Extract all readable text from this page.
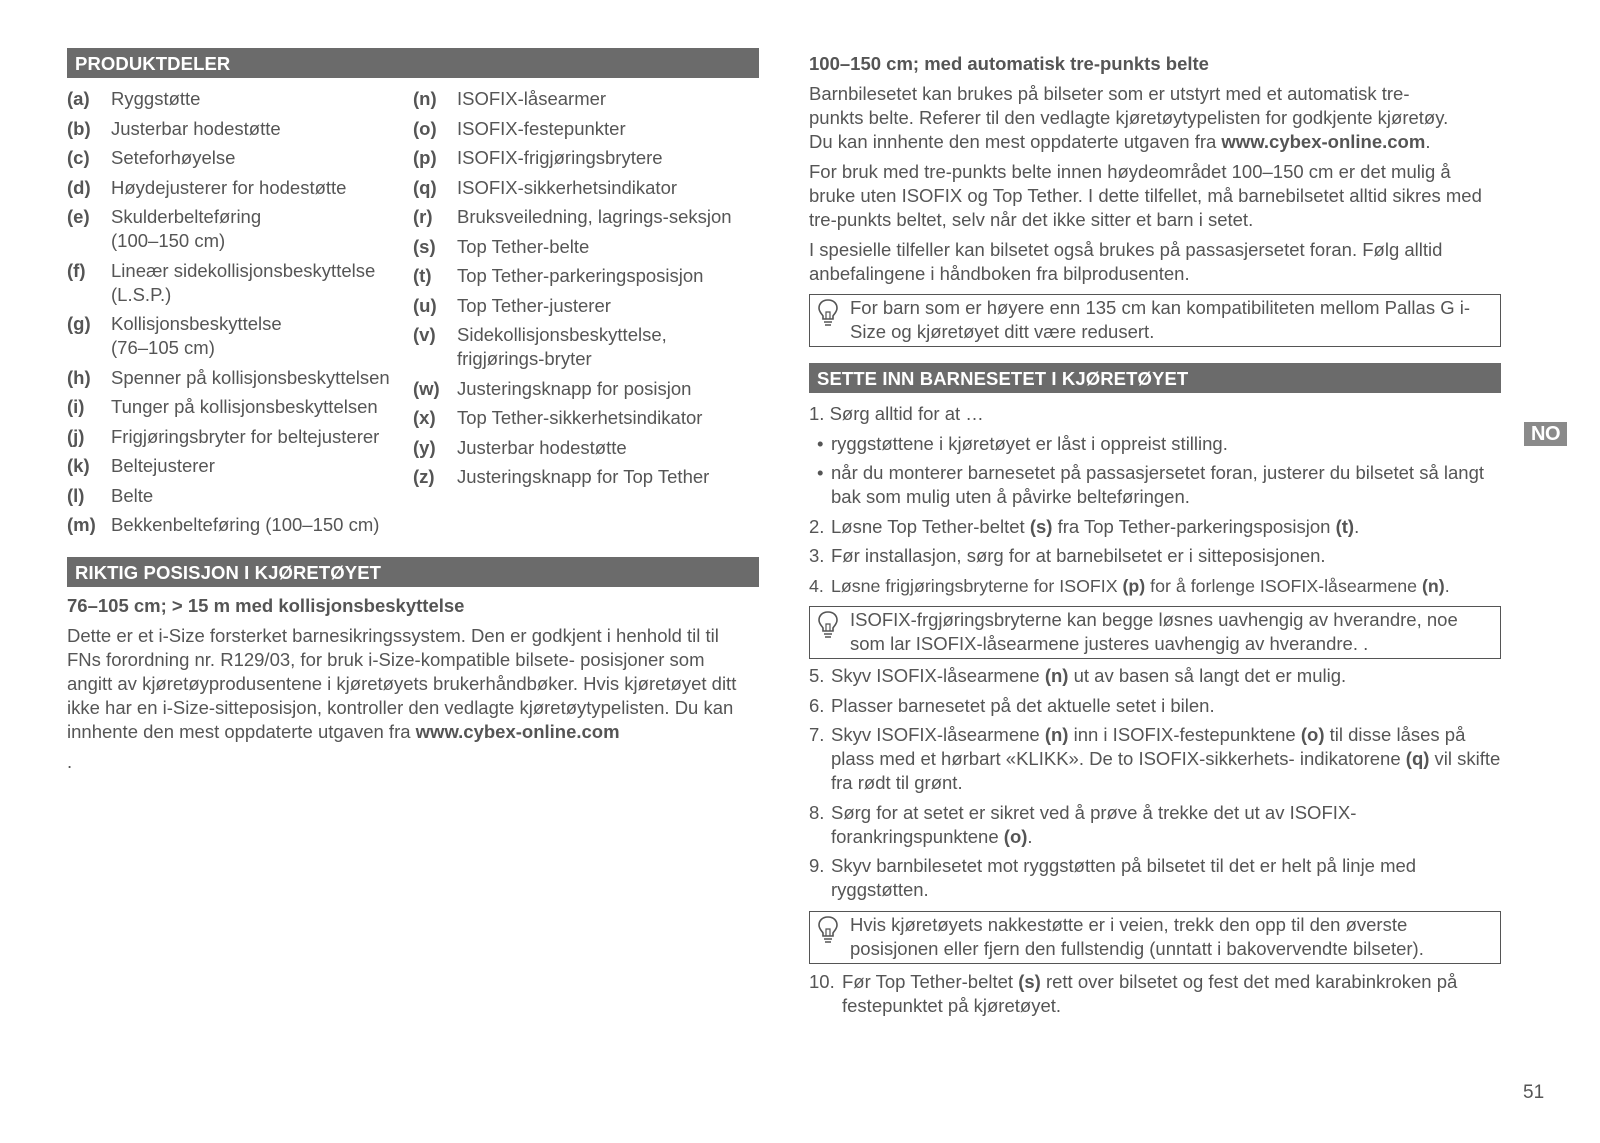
PRODUKTDELER
(a) Ryggstøtte
(b) Justerbar hodestøtte
(c) Seteforhøyelse
(d) Høydejusterer for hodestøtte
(e) Skulderbelteføring (100–150 cm)
(f) Lineær sidekollisjonsbeskyttelse (L.S.P.)
(g) Kollisjonsbeskyttelse (76–105 cm)
(h) Spenner på kollisjonsbeskyttelsen
(i) Tunger på kollisjonsbeskyttelsen
(j) Frigjøringsbryter for beltejusterer
(k) Beltejusterer
(l) Belte
(m) Bekkenbelteføring (100–150 cm)
(n) ISOFIX-låsearmer
(o) ISOFIX-festepunkter
(p) ISOFIX-frigjøringsbrytere
(q) ISOFIX-sikkerhetsindikator
(r) Bruksveiledning, lagrings-seksjon
(s) Top Tether-belte
(t) Top Tether-parkeringsposisjon
(u) Top Tether-justerer
(v) Sidekollisjonsbeskyttelse, frigjørings-bryter
(w) Justeringsknapp for posisjon
(x) Top Tether-sikkerhetsindikator
(y) Justerbar hodestøtte
(z) Justeringsknapp for Top Tether
RIKTIG POSISJON I KJØRETØYET

76–105 cm; > 15 m med kollisjonsbeskyttelse

Dette er et i-Size forsterket barnesikringssystem. Den er godkjent i henhold til til FNs forordning nr. R129/03, for bruk i-Size-kompatible bilsete- posisjoner som angitt av kjøretøyprodusentene i kjøretøyets brukerhåndbøker. Hvis kjøretøyet ditt ikke har en i-Size-sitteposisjon, kontroller den vedlagte kjøretøytypelisten. Du kan innhente den mest oppdaterte utgaven fra www.cybex-online.com

.

100–150 cm; med automatisk tre-punkts belte

Barnbilesetet kan brukes på bilseter som er utstyrt med et automatisk tre-punkts belte. Referer til den vedlagte kjøretøytypelisten for godkjente kjøretøy. Du kan innhente den mest oppdaterte utgaven fra www.cybex-online.com.

For bruk med tre-punkts belte innen høydeområdet 100–150 cm er det mulig å bruke uten ISOFIX og Top Tether. I dette tilfellet, må barnebilsetet alltid sikres med tre-punkts beltet, selv når det ikke sitter et barn i setet.

I spesielle tilfeller kan bilsetet også brukes på passasjersetet foran. Følg alltid anbefalingene i håndboken fra bilprodusenten.

For barn som er høyere enn 135 cm kan kompatibiliteten mellom Pallas G i-Size og kjøretøyet ditt være redusert.
SETTE INN BARNESETET I KJØRETØYET

1. Sørg alltid for at …

• ryggstøttene i kjøretøyet er låst i oppreist stilling.
• når du monterer barnesetet på passasjersetet foran, justerer du bilsetet så langt bak som mulig uten å påvirke belteføringen.
2. Løsne Top Tether-beltet (s) fra Top Tether-parkeringsposisjon (t).
3. Før installasjon, sørg for at barnebilsetet er i sitteposisjonen.
4. Løsne frigjøringsbryterne for ISOFIX (p) for å forlenge ISOFIX-låsearmene (n).
ISOFIX-frgjøringsbryterne kan begge løsnes uavhengig av hverandre, noe som lar ISOFIX-låsearmene justeres uavhengig av hverandre. .
5. Skyv ISOFIX-låsearmene (n) ut av basen så langt det er mulig.
6. Plasser barnesetet på det aktuelle setet i bilen.
7. Skyv ISOFIX-låsearmene (n) inn i ISOFIX-festepunktene (o) til disse låses på plass med et hørbart «KLIKK». De to ISOFIX-sikkerhets- indikatorene (q) vil skifte fra rødt til grønt.
8. Sørg for at setet er sikret ved å prøve å trekke det ut av ISOFIX-forankringspunktene (o).
9. Skyv barnbilesetet mot ryggstøtten på bilsetet til det er helt på linje med ryggstøtten.
Hvis kjøretøyets nakkestøtte er i veien, trekk den opp til den øverste posisjonen eller fjern den fullstendig (unntatt i bakovervendte bilseter).
10. Før Top Tether-beltet (s) rett over bilsetet og fest det med karabinkroken på festepunktet på kjøretøyet.
NO
51
